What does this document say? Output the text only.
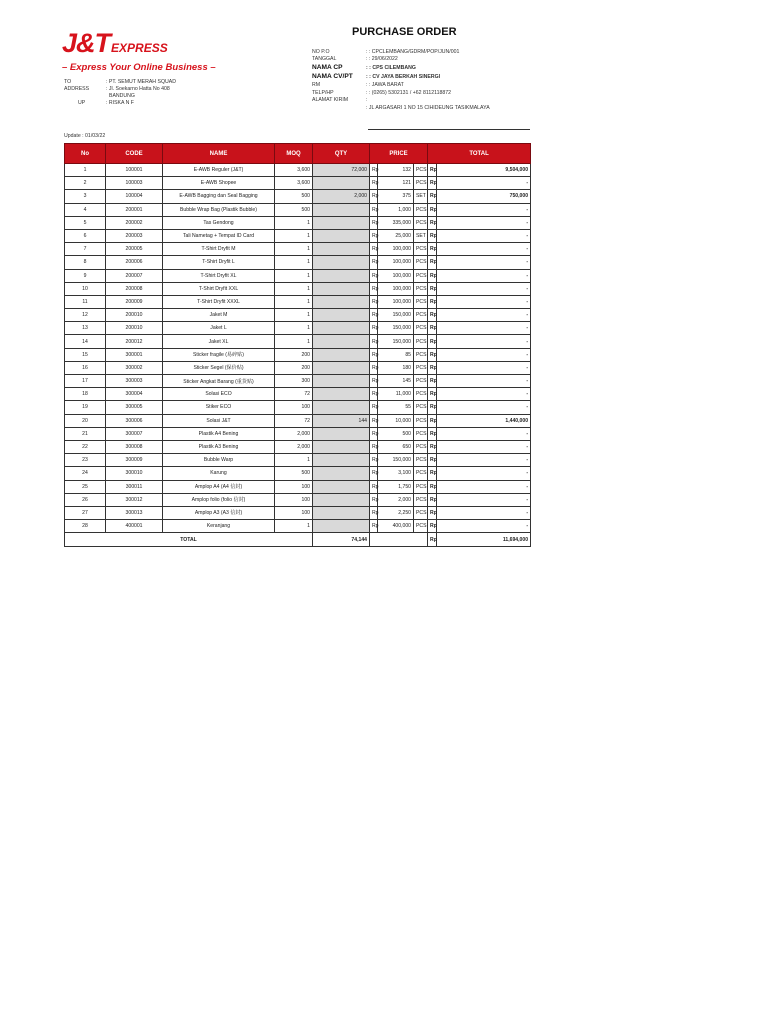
J&TEXPRESS
– Express Your Online Business –
PURCHASE ORDER
NO P.O	: : CPCLEMBANG/GDRM/POP/JUN/001
TANGGAL	: : 29/06/2022
NAMA CP	: : CPS CILEMBANG
NAMA CV/PT	: : CV JAYA BERKAH SINERGI
RM	: : JAWA BARAT
TELP/HP	: : (0265) 5302131 / +62 8112118872
ALAMAT KIRIM	:
: JL ARGASARI 1 NO 15 CIHIDEUNG TASIKMALAYA
TO	: PT. SEMUT MERAH SQUAD
ADDRESS	: Jl. Soekarno Hatta No 408
BANDUNG
UP	: RISKA N F
Update : 01/03/22
No	CODE	NAME	MOQ	QTY	PRICE			TOTAL	
1	100001	E-AWB Reguler (J&T)	3,600	72,000	Rp	132	PCS	Rp	9,504,000
2	100003	E-AWB Shopee	3,600		Rp	121	PCS	Rp	-
3	100004	E-AWB Bagging dan Seal Bagging	500	2,000	Rp	375	SET	Rp	750,000
4	200001	Bubble Wrap Bag (Plastik Bubble)	500		Rp	1,000	PCS	Rp	-
5	200002	Tas Gendong	1		Rp	335,000	PCS	Rp	-
6	200003	Tali Nametag + Tempat ID Card	1		Rp	25,000	SET	Rp	-
7	200005	T-Shirt Dryfit M	1		Rp	100,000	PCS	Rp	-
8	200006	T-Shirt Dryfit L	1		Rp	100,000	PCS	Rp	-
9	200007	T-Shirt Dryfit XL	1		Rp	100,000	PCS	Rp	-
10	200008	T-Shirt Dryfit XXL	1		Rp	100,000	PCS	Rp	-
11	200009	T-Shirt Dryfit XXXL	1		Rp	100,000	PCS	Rp	-
12	200010	Jaket M	1		Rp	150,000	PCS	Rp	-
13	200010	Jaket L	1		Rp	150,000	PCS	Rp	-
14	200012	Jaket XL	1		Rp	150,000	PCS	Rp	-
15	300001	Sticker fragile (易碎贴)	200		Rp	85	PCS	Rp	-
16	300002	Sticker Segel (保价贴)	200		Rp	180	PCS	Rp	-
17	300003	Sticker Angkat Barang (重货贴)	300		Rp	145	PCS	Rp	-
18	300004	Solasi ECO	72		Rp	11,000	PCS	Rp	-
19	300005	Stiker ECO	100		Rp	55	PCS	Rp	-
20	300006	Solasi J&T	72	144	Rp	10,000	PCS	Rp	1,440,000
21	300007	Plastik A4 Bening	2,000		Rp	500	PCS	Rp	-
22	300008	Plastik A3 Bening	2,000		Rp	650	PCS	Rp	-
23	300009	Bubble Warp	1		Rp	150,000	PCS	Rp	-
24	300010	Karung	500		Rp	3,100	PCS	Rp	-
25	300011	Amplop A4 (A4 信封)	100		Rp	1,750	PCS	Rp	-
26	300012	Amplop folio (folio 信封)	100		Rp	2,000	PCS	Rp	-
27	300013	Amplop A3 (A3 信封)	100		Rp	2,250	PCS	Rp	-
28	400001	Keranjang	1		Rp	400,000	PCS	Rp	-
TOTAL				74,144				Rp	11,694,000
